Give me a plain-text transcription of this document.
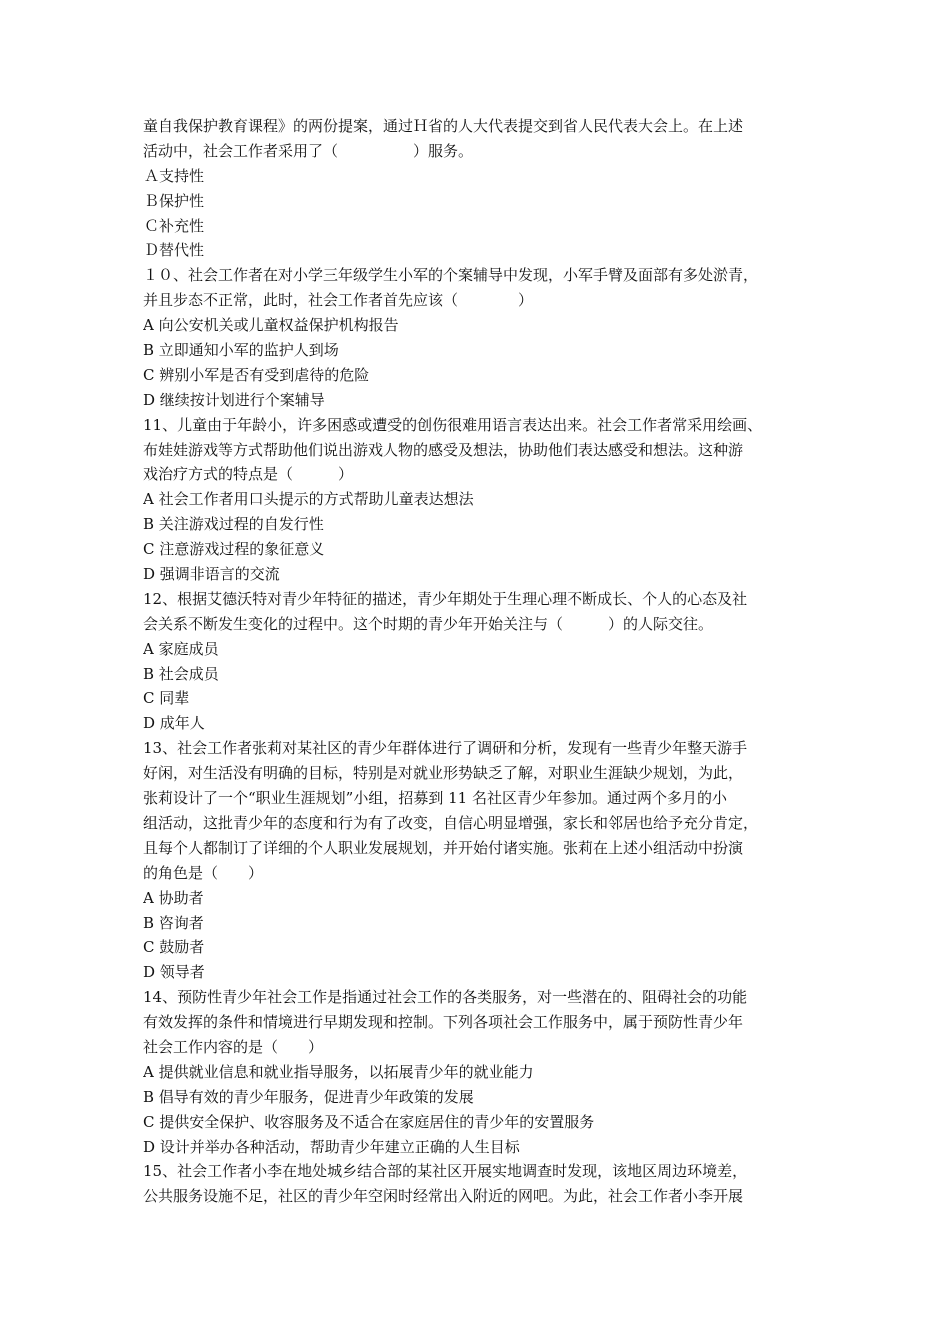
童自我保护教育课程》的两份提案，通过Ｈ省的人大代表提交到省人民代表大会上。在上述
活动中，社会工作者采用了（　　　　　）服务。
Ａ支持性
Ｂ保护性
Ｃ补充性
Ｄ替代性
１０、社会工作者在对小学三年级学生小军的个案辅导中发现，小军手臂及面部有多处淤青，
并且步态不正常，此时，社会工作者首先应该（　　　　）
A 向公安机关或儿童权益保护机构报告
B 立即通知小军的监护人到场
C 辨别小军是否有受到虐待的危险
D 继续按计划进行个案辅导
11、儿童由于年龄小，许多困惑或遭受的创伤很难用语言表达出来。社会工作者常采用绘画、
布娃娃游戏等方式帮助他们说出游戏人物的感受及想法，协助他们表达感受和想法。这种游
戏治疗方式的特点是（　　　）
A 社会工作者用口头提示的方式帮助儿童表达想法
B 关注游戏过程的自发行性
C 注意游戏过程的象征意义
D 强调非语言的交流
12、根据艾德沃特对青少年特征的描述，青少年期处于生理心理不断成长、个人的心态及社
会关系不断发生变化的过程中。这个时期的青少年开始关注与（　　　）的人际交往。
A 家庭成员
B 社会成员
C 同辈
D 成年人
13、社会工作者张莉对某社区的青少年群体进行了调研和分析，发现有一些青少年整天游手
好闲，对生活没有明确的目标，特别是对就业形势缺乏了解，对职业生涯缺少规划，为此，
张莉设计了一个“职业生涯规划”小组，招募到 11 名社区青少年参加。通过两个多月的小
组活动，这批青少年的态度和行为有了改变，自信心明显增强，家长和邻居也给予充分肯定，
且每个人都制订了详细的个人职业发展规划，并开始付诸实施。张莉在上述小组活动中扮演
的角色是（　　）
A 协助者
B 咨询者
C 鼓励者
D 领导者
14、预防性青少年社会工作是指通过社会工作的各类服务，对一些潜在的、阻碍社会的功能
有效发挥的条件和情境进行早期发现和控制。下列各项社会工作服务中，属于预防性青少年
社会工作内容的是（　　）
A 提供就业信息和就业指导服务，以拓展青少年的就业能力
B 倡导有效的青少年服务，促进青少年政策的发展
C 提供安全保护、收容服务及不适合在家庭居住的青少年的安置服务
D 设计并举办各种活动，帮助青少年建立正确的人生目标
15、社会工作者小李在地处城乡结合部的某社区开展实地调查时发现，该地区周边环境差，
公共服务设施不足，社区的青少年空闲时经常出入附近的网吧。为此，社会工作者小李开展
